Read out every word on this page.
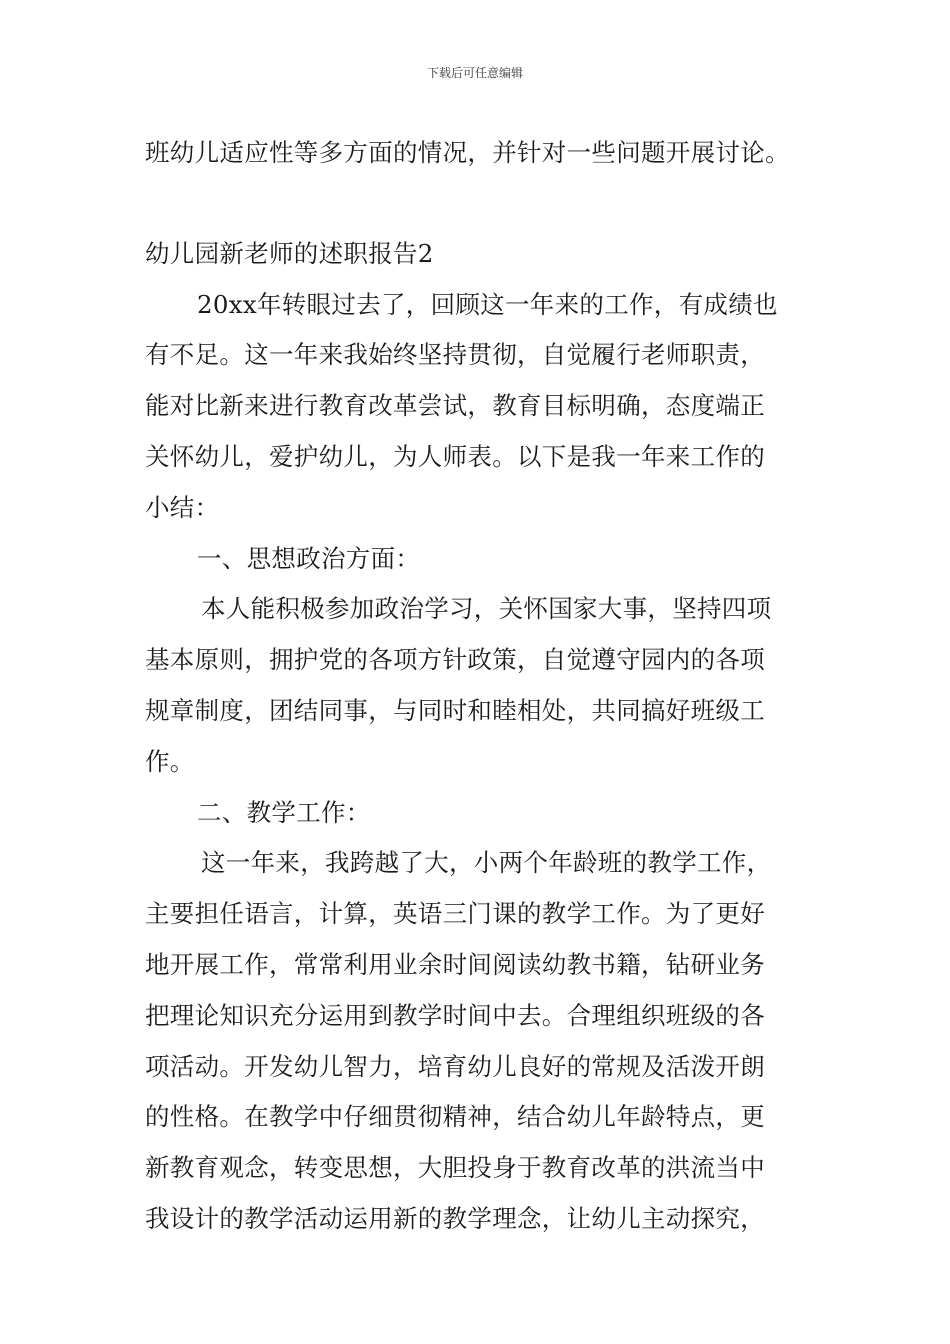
下载后可任意编辑
班幼儿适应性等多方面的情况，并针对一些问题开展讨论。
幼儿园新老师的述职报告2
20xx年转眼过去了，回顾这一年来的工作，有成绩也
有不足。这一年来我始终坚持贯彻，自觉履行老师职责，
能对比新来进行教育改革尝试，教育目标明确，态度端正
关怀幼儿，爱护幼儿，为人师表。以下是我一年来工作的
小结：
一、思想政治方面：
本人能积极参加政治学习，关怀国家大事，坚持四项
基本原则，拥护党的各项方针政策，自觉遵守园内的各项
规章制度，团结同事，与同时和睦相处，共同搞好班级工
作。
二、教学工作：
这一年来，我跨越了大，小两个年龄班的教学工作，
主要担任语言，计算，英语三门课的教学工作。为了更好
地开展工作，常常利用业余时间阅读幼教书籍，钻研业务
把理论知识充分运用到教学时间中去。合理组织班级的各
项活动。开发幼儿智力，培育幼儿良好的常规及活泼开朗
的性格。在教学中仔细贯彻精神，结合幼儿年龄特点，更
新教育观念，转变思想，大胆投身于教育改革的洪流当中
我设计的教学活动运用新的教学理念，让幼儿主动探究，
